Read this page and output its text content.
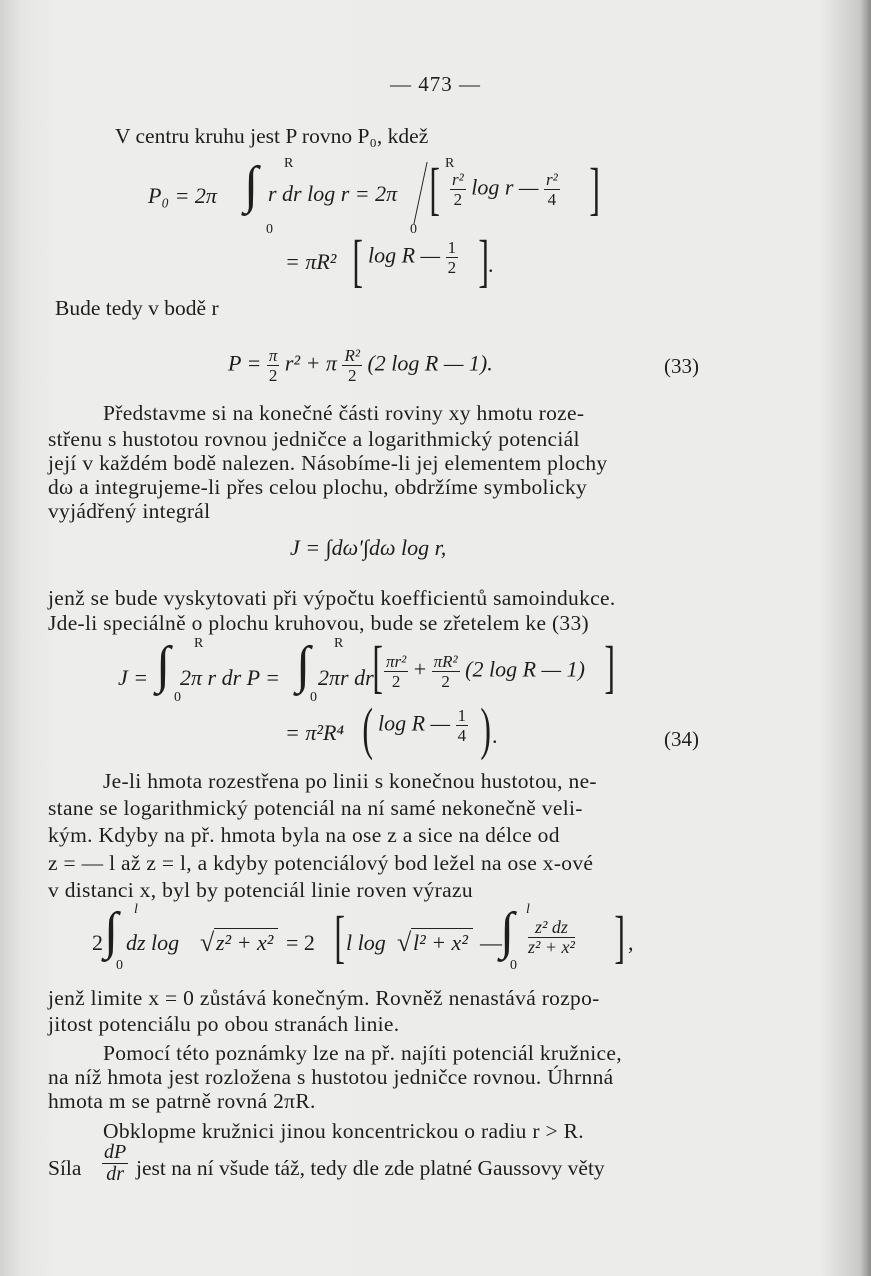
— 473 —
V centru kruhu jest P rovno P₀, kdež
P₀ = 2π ∫ R
0
r dr log r = 2π
R
0
[ $\frac{\text{r²}}{2}$ log r — $\frac{\text{r²}}{4}$ ]
= πR² [ log R — $\frac{1}{2}$ ] .
Bude tedy v bodě r
$P = \frac{\pi}{2} r^2 + \pi \frac{\text{R²}}{2} (2$ log R — 1).	(33)
Představme si na konečné části roviny xy hmotu roze-
střenu s hustotou rovnou jedničce a logarithmický potenciál
její v každém bodě nalezen. Násobíme-li jej elementem plochy
dω a integrujeme-li přes celou plochu, obdržíme symbolicky
vyjádřený integrál
J = ∫dω′∫dω log r,
jenž se bude vyskytovati při výpočtu koefficientů samoindukce.
Jde-li speciálně o plochu kruhovou, bude se zřetelem ke (33)
J = ∫ R
0
2π r dr P = ∫ R
0
2πr dr
[ $\frac{\text{πr²}}{2} + \frac{\text{πR²}}{2} (2$ log R — 1) ]
= π²R⁴ ( log R — $\frac{1}{4}$ ) .	(34)
Je-li hmota rozestřena po linii s konečnou hustotou, ne-
stane se logarithmický potenciál na ní samé nekonečně veli-
kým. Kdyby na př. hmota byla na ose z a sice na délce od
z = — l až z = l, a kdyby potenciálový bod ležel na ose x-ové
v distanci x, byl by potenciál linie roven výrazu
2 ∫ l
0
dz log √ z² + x² = 2 [ l log √ l² + x² —
∫ l
0
$\frac{\text{z² dz}}{\text{z² + x²}}$ ] ,
jenž limite x = 0 zůstává konečným. Rovněž nenastává rozpo-
jitost potenciálu po obou stranách linie.
Pomocí této poznámky lze na př. najíti potenciál kružnice,
na níž hmota jest rozložena s hustotou jedničce rovnou. Úhrnná
hmota m se patrně rovná 2πR.
Obklopme kružnici jinou koncentrickou o radiu r > R.
Síla $\frac{dP}{dr}$ jest na ní všude táž, tedy dle zde platné Gaussovy věty
